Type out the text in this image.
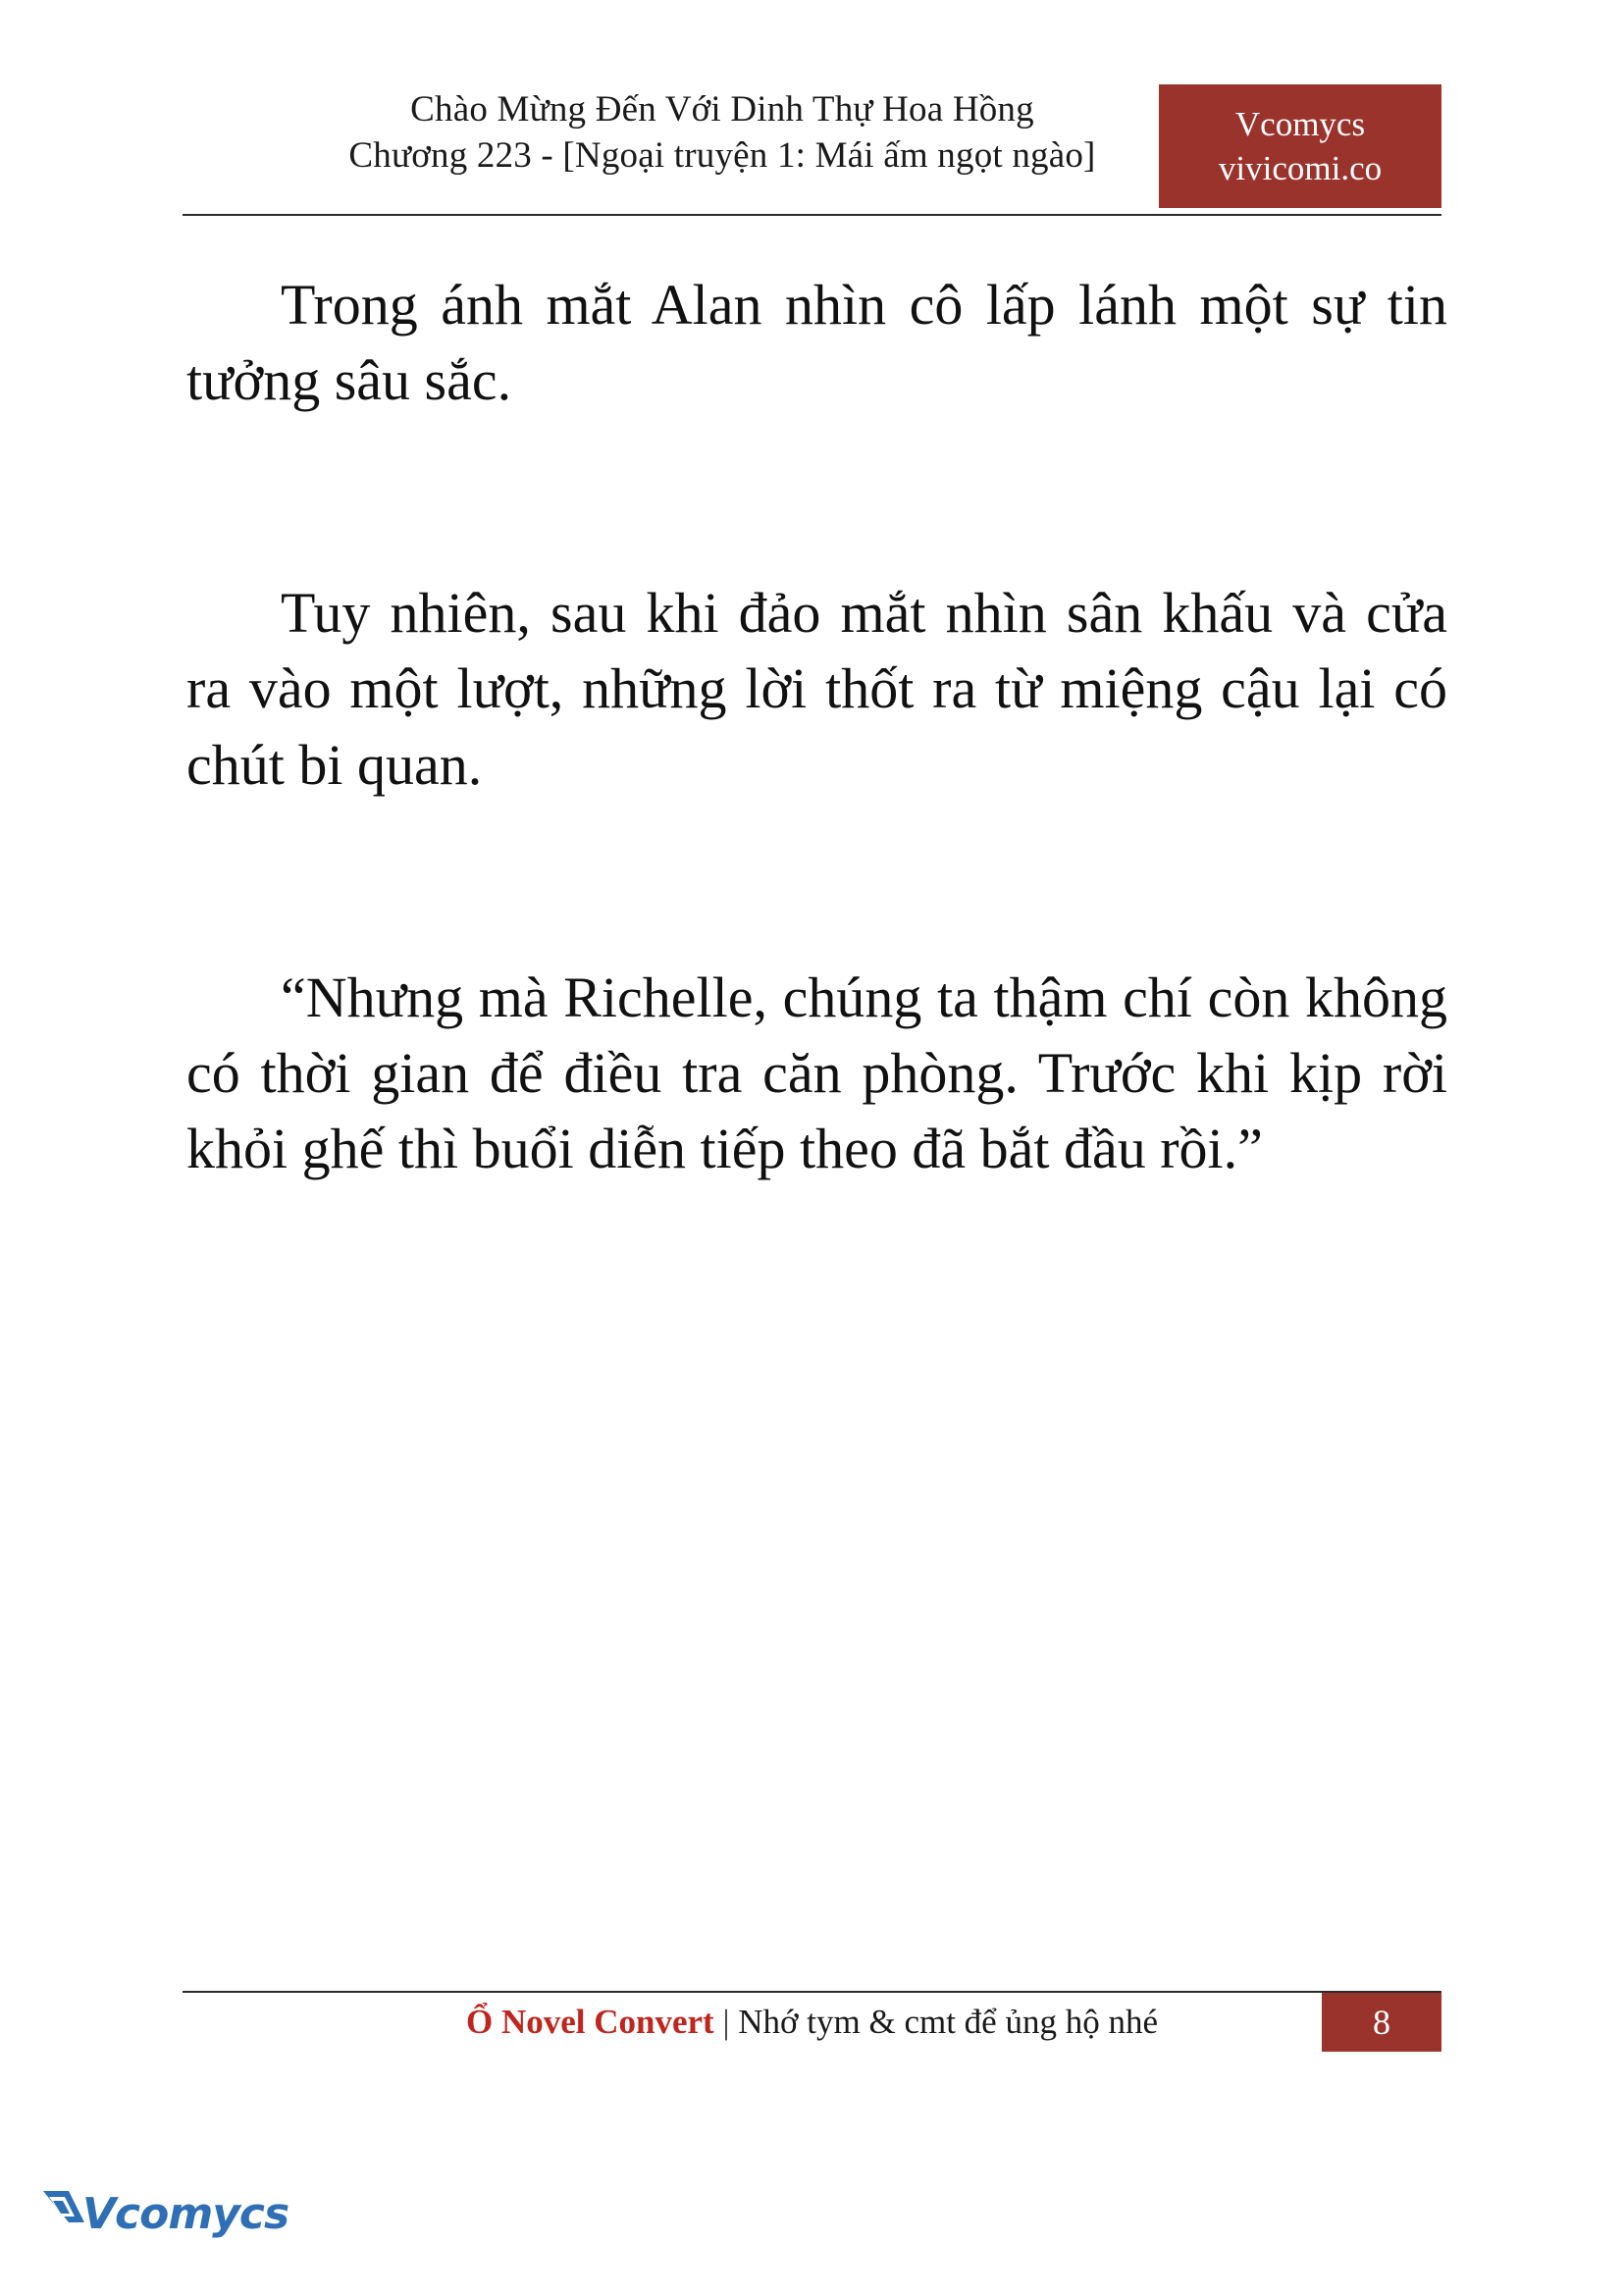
Chào Mừng Đến Với Dinh Thự Hoa Hồng
Chương 223 - [Ngoại truyện 1: Mái ấm ngọt ngào]
Vcomycs
vivicomi.co

Trong ánh mắt Alan nhìn cô lấp lánh một sự tin tưởng sâu sắc.

Tuy nhiên, sau khi đảo mắt nhìn sân khấu và cửa ra vào một lượt, những lời thốt ra từ miệng cậu lại có chút bi quan.

“Nhưng mà Richelle, chúng ta thậm chí còn không có thời gian để điều tra căn phòng. Trước khi kịp rời khỏi ghế thì buổi diễn tiếp theo đã bắt đầu rồi.”

Ổ Novel Convert | Nhớ tym & cmt để ủng hộ nhé	8
Vcomycs
